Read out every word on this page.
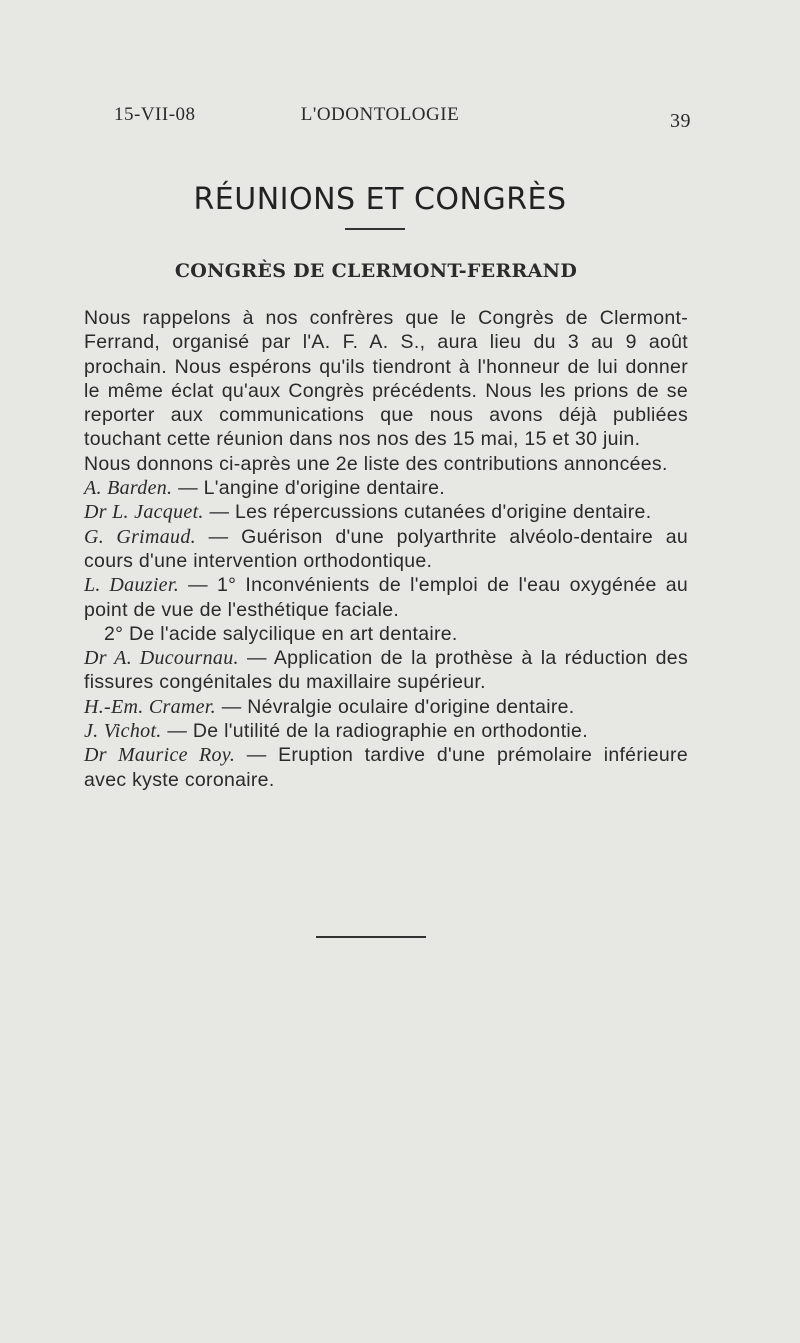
15-VII-08	L'ODONTOLOGIE	39
RÉUNIONS ET CONGRÈS
CONGRÈS DE CLERMONT-FERRAND

Nous rappelons à nos confrères que le Congrès de Clermont-Ferrand, organisé par l'A. F. A. S., aura lieu du 3 au 9 août prochain. Nous espérons qu'ils tiendront à l'honneur de lui donner le même éclat qu'aux Congrès précédents. Nous les prions de se reporter aux communications que nous avons déjà publiées touchant cette réunion dans nos nos des 15 mai, 15 et 30 juin.

Nous donnons ci-après une 2e liste des contributions annoncées.

A. Barden. — L'angine d'origine dentaire.

Dr L. Jacquet. — Les répercussions cutanées d'origine dentaire.

G. Grimaud. — Guérison d'une polyarthrite alvéolo-dentaire au cours d'une intervention orthodontique.

L. Dauzier. — 1° Inconvénients de l'emploi de l'eau oxygénée au point de vue de l'esthétique faciale.

2° De l'acide salycilique en art dentaire.

Dr A. Ducournau. — Application de la prothèse à la réduction des fissures congénitales du maxillaire supérieur.

H.-Em. Cramer. — Névralgie oculaire d'origine dentaire.

J. Vichot. — De l'utilité de la radiographie en orthodontie.

Dr Maurice Roy. — Eruption tardive d'une prémolaire inférieure avec kyste coronaire.
